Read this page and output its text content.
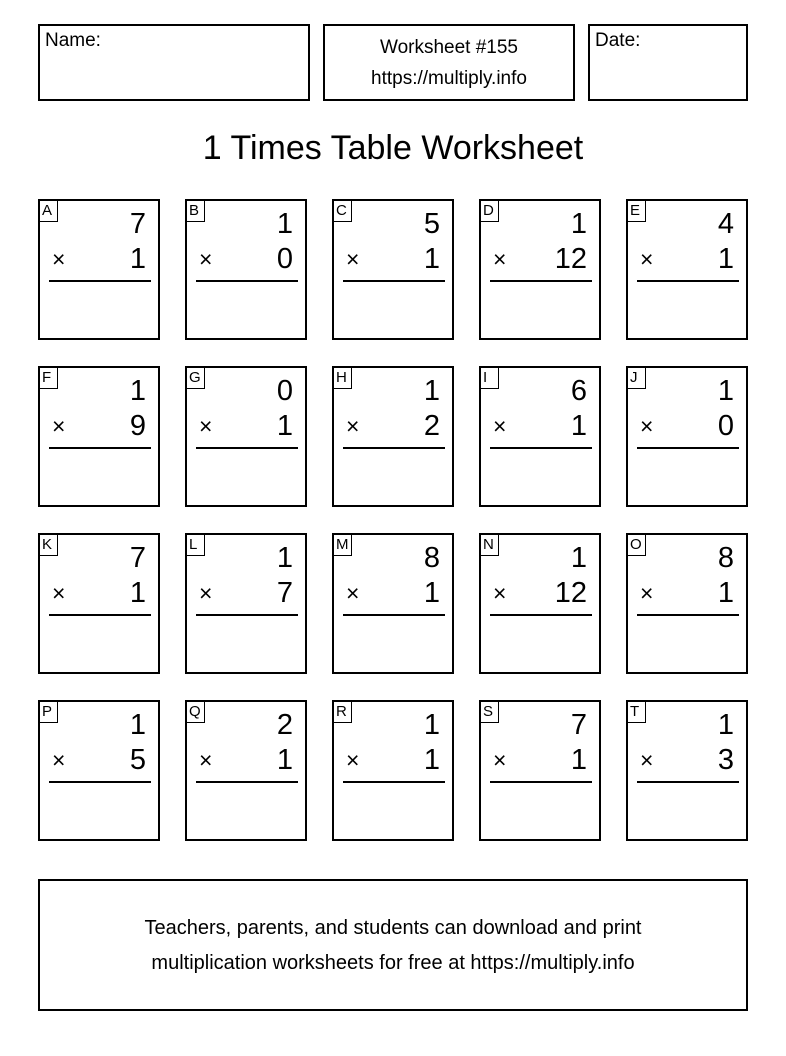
Name:	Worksheet #155
https://multiply.info
Date:
1 Times Table Worksheet
A	7
× 1
B	1
× 0
C	5
× 1
D	1
× 12
E	4
× 1
F	1
× 9
G	0
× 1
H	1
× 2
I	6
× 1
J	1
× 0
K	7
× 1
L	1
× 7
M	8
× 1
N	1
× 12
O	8
× 1
P	1
× 5
Q	2
× 1
R	1
× 1
S	7
× 1
T	1
× 3
Teachers, parents, and students can download and print
multiplication worksheets for free at https://multiply.info
